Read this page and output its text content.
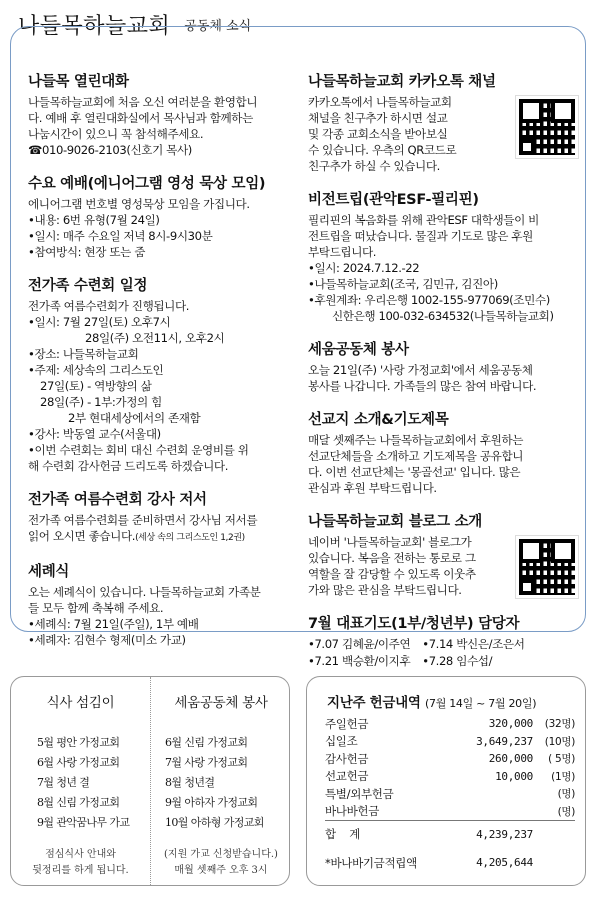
나들목하늘교회 공동체 소식
나들목 열린대화

나들목하늘교회에 처음 오신 여러분을 환영합니

다. 예배 후 열린대화실에서 목사님과 함께하는

나눔시간이 있으니 꼭 참석해주세요.

☎010-9026-2103(신호기 목사)

수요 예배(에니어그램 영성 묵상 모임)

에니어그램 번호별 영성묵상 모임을 가집니다.

•내용: 6번 유형(7월 24일)

•일시: 매주 수요일 저녁 8시-9시30분

•참여방식: 현장 또는 줌

전가족 수련회 일정

전가족 여름수련회가 진행됩니다.

•일시: 7월 27일(토) 오후7시

28일(주) 오전11시, 오후2시

•장소: 나들목하늘교회

•주제: 세상속의 그리스도인

27일(토) - 역방향의 삶

28일(주) - 1부:가정의 힘

2부 현대세상에서의 존재함

•강사: 박동열 교수(서울대)

•이번 수련회는 회비 대신 수련회 운영비를 위

해 수련회 감사헌금 드리도록 하겠습니다.

전가족 여름수련회 강사 저서

전가족 여름수련회를 준비하면서 강사님 저서를

읽어 오시면 좋습니다.(세상 속의 그리스도인 1,2권)

세례식

오는 세례식이 있습니다. 나들목하늘교회 가족분

들 모두 함께 축복해 주세요.

•세례식: 7월 21일(주일), 1부 예배

•세례자: 김현수 형제(미소 가교)

나들목하늘교회 카카오톡 채널

카카오톡에서 나들목하늘교회

채널을 친구추가 하시면 설교

및 각종 교회소식을 받아보실

수 있습니다. 우측의 QR코드로

친구추가 하실 수 있습니다.

비전트립(관악ESF-필리핀)

필리핀의 복음화를 위해 관악ESF 대학생들이 비

전트립을 떠났습니다. 물질과 기도로 많은 후원

부탁드립니다.

•일시: 2024.7.12.-22

•나들목하늘교회(조국, 김민규, 김진아)

•후원계좌: 우리은행 1002-155-977069(조민수)

신한은행 100-032-634532(나들목하늘교회)

세움공동체 봉사

오늘 21일(주) '사랑 가정교회'에서 세움공동체

봉사를 나갑니다. 가족들의 많은 참여 바랍니다.

선교지 소개&기도제목

매달 셋째주는 나들목하늘교회에서 후원하는

선교단체들을 소개하고 기도제목을 공유합니

다. 이번 선교단체는 '몽골선교' 입니다. 많은

관심과 후원 부탁드립니다.

나들목하늘교회 블로그 소개

네이버 '나들목하늘교회' 블로그가

있습니다. 복음을 전하는 통로로 그

역할을 잘 감당할 수 있도록 이웃추

가와 많은 관심을 부탁드립니다.

7월 대표기도(1부/청년부) 담당자
•7.07 김혜윤/이주연 •7.14 박신은/조은서
•7.21 백승환/이지후 •7.28 임수섭/
식사 섬김이
5월 평안 가정교회
6월 사랑 가정교회
7월 청년 결
8월 신림 가정교회
9월 관악꿈나무 가교
점심식사 안내와
뒷정리를 하게 됩니다.
세움공동체 봉사
6월 신림 가정교회
7월 사랑 가정교회
8월 청년결
9월 아하자 가정교회
10월 아하형 가정교회
(지원 가교 신청받습니다.)
매월 셋째주 오후 3시
지난주 헌금내역 (7월 14일 ~ 7월 20일)
주일헌금	320,000	(32명)
십일조	3,649,237	(10명)
감사헌금	260,000	( 5명)
선교헌금	10,000	(1명)
특별/외부헌금		(명)
바나바헌금		(명)
합    계	4,239,237	

*바나바기금적립액	4,205,644	
